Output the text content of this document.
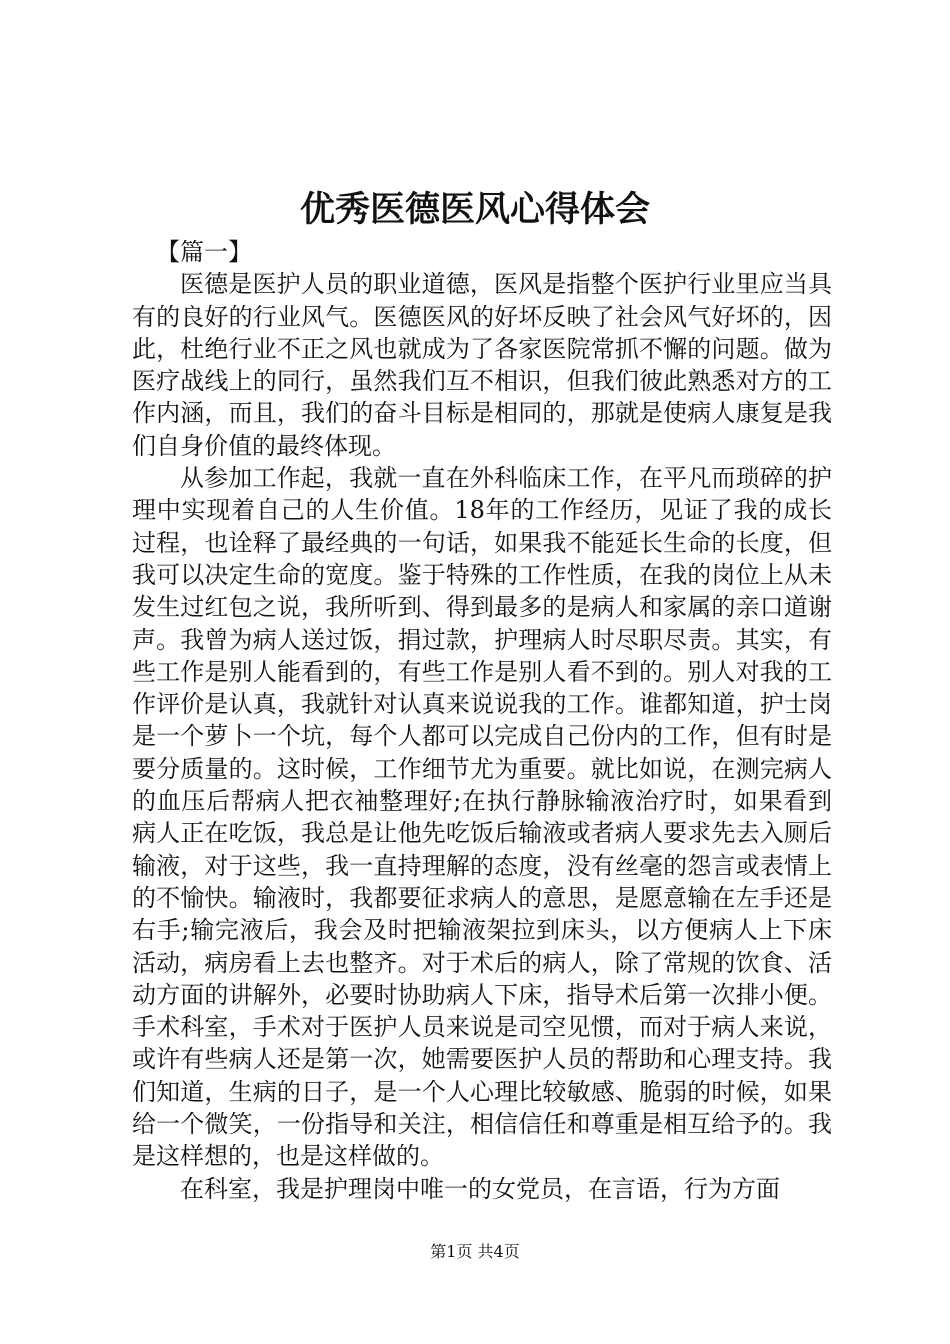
优秀医德医风心得体会

【篇一】

医德是医护人员的职业道德，医风是指整个医护行业里应当具有的良好的行业风气。医德医风的好坏反映了社会风气好坏的，因此，杜绝行业不正之风也就成为了各家医院常抓不懈的问题。做为医疗战线上的同行，虽然我们互不相识，但我们彼此熟悉对方的工作内涵，而且，我们的奋斗目标是相同的，那就是使病人康复是我们自身价值的最终体现。

从参加工作起，我就一直在外科临床工作，在平凡而琐碎的护理中实现着自己的人生价值。18年的工作经历，见证了我的成长过程，也诠释了最经典的一句话，如果我不能延长生命的长度，但我可以决定生命的宽度。鉴于特殊的工作性质，在我的岗位上从未发生过红包之说，我所听到、得到最多的是病人和家属的亲口道谢声。我曾为病人送过饭，捐过款，护理病人时尽职尽责。其实，有些工作是别人能看到的，有些工作是别人看不到的。别人对我的工作评价是认真，我就针对认真来说说我的工作。谁都知道，护士岗是一个萝卜一个坑，每个人都可以完成自己份内的工作，但有时是要分质量的。这时候，工作细节尤为重要。就比如说，在测完病人的血压后帮病人把衣袖整理好;在执行静脉输液治疗时，如果看到病人正在吃饭，我总是让他先吃饭后输液或者病人要求先去入厕后输液，对于这些，我一直持理解的态度，没有丝毫的怨言或表情上的不愉快。输液时，我都要征求病人的意思，是愿意输在左手还是右手;输完液后，我会及时把输液架拉到床头，以方便病人上下床活动，病房看上去也整齐。对于术后的病人，除了常规的饮食、活动方面的讲解外，必要时协助病人下床，指导术后第一次排小便。手术科室，手术对于医护人员来说是司空见惯，而对于病人来说，或许有些病人还是第一次，她需要医护人员的帮助和心理支持。我们知道，生病的日子，是一个人心理比较敏感、脆弱的时候，如果给一个微笑，一份指导和关注，相信信任和尊重是相互给予的。我是这样想的，也是这样做的。

在科室，我是护理岗中唯一的女党员，在言语，行为方面

第1页 共4页
